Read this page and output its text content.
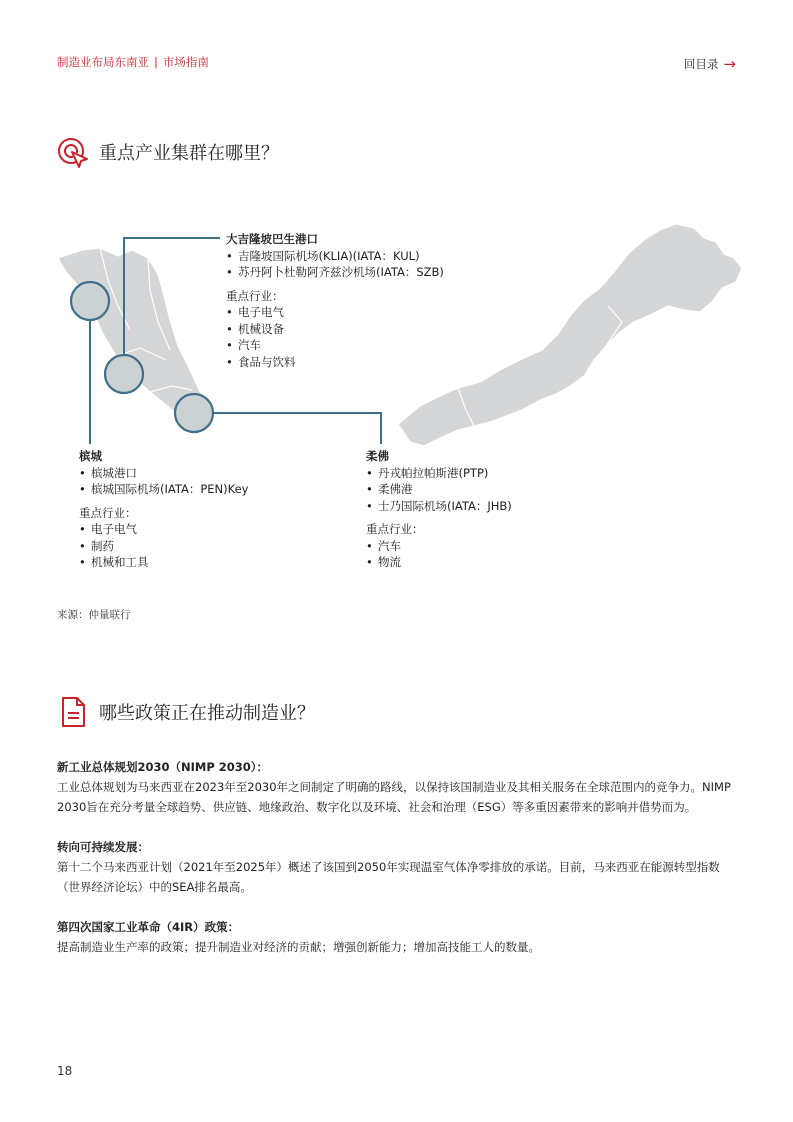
制造业布局东南亚 | 市场指南	回目录 →
重点产业集群在哪里？
大吉隆坡巴生港口
• 吉隆坡国际机场(KLIA)(IATA：KUL)
• 苏丹阿卜杜勒阿齐兹沙机场(IATA：SZB)
重点行业：
• 电子电气
• 机械设备
• 汽车
• 食品与饮料
槟城
• 槟城港口
• 槟城国际机场(IATA：PEN)Key
重点行业：
• 电子电气
• 制药
• 机械和工具
柔佛
• 丹戎帕拉帕斯港(PTP)
• 柔佛港
• 士乃国际机场(IATA：JHB)
重点行业：
• 汽车
• 物流
来源：仲量联行
哪些政策正在推动制造业？
新工业总体规划2030（NIMP 2030）：
工业总体规划为马来西亚在2023年至2030年之间制定了明确的路线，以保持该国制造业及其相关服务在全球范围内的竞争力。NIMP 2030旨在充分考量全球趋势、供应链、地缘政治、数字化以及环境、社会和治理（ESG）等多重因素带来的影响并借势而为。
转向可持续发展：
第十二个马来西亚计划（2021年至2025年）概述了该国到2050年实现温室气体净零排放的承诺。目前，马来西亚在能源转型指数（世界经济论坛）中的SEA排名最高。
第四次国家工业革命（4IR）政策：
提高制造业生产率的政策；提升制造业对经济的贡献；增强创新能力；增加高技能工人的数量。
18
